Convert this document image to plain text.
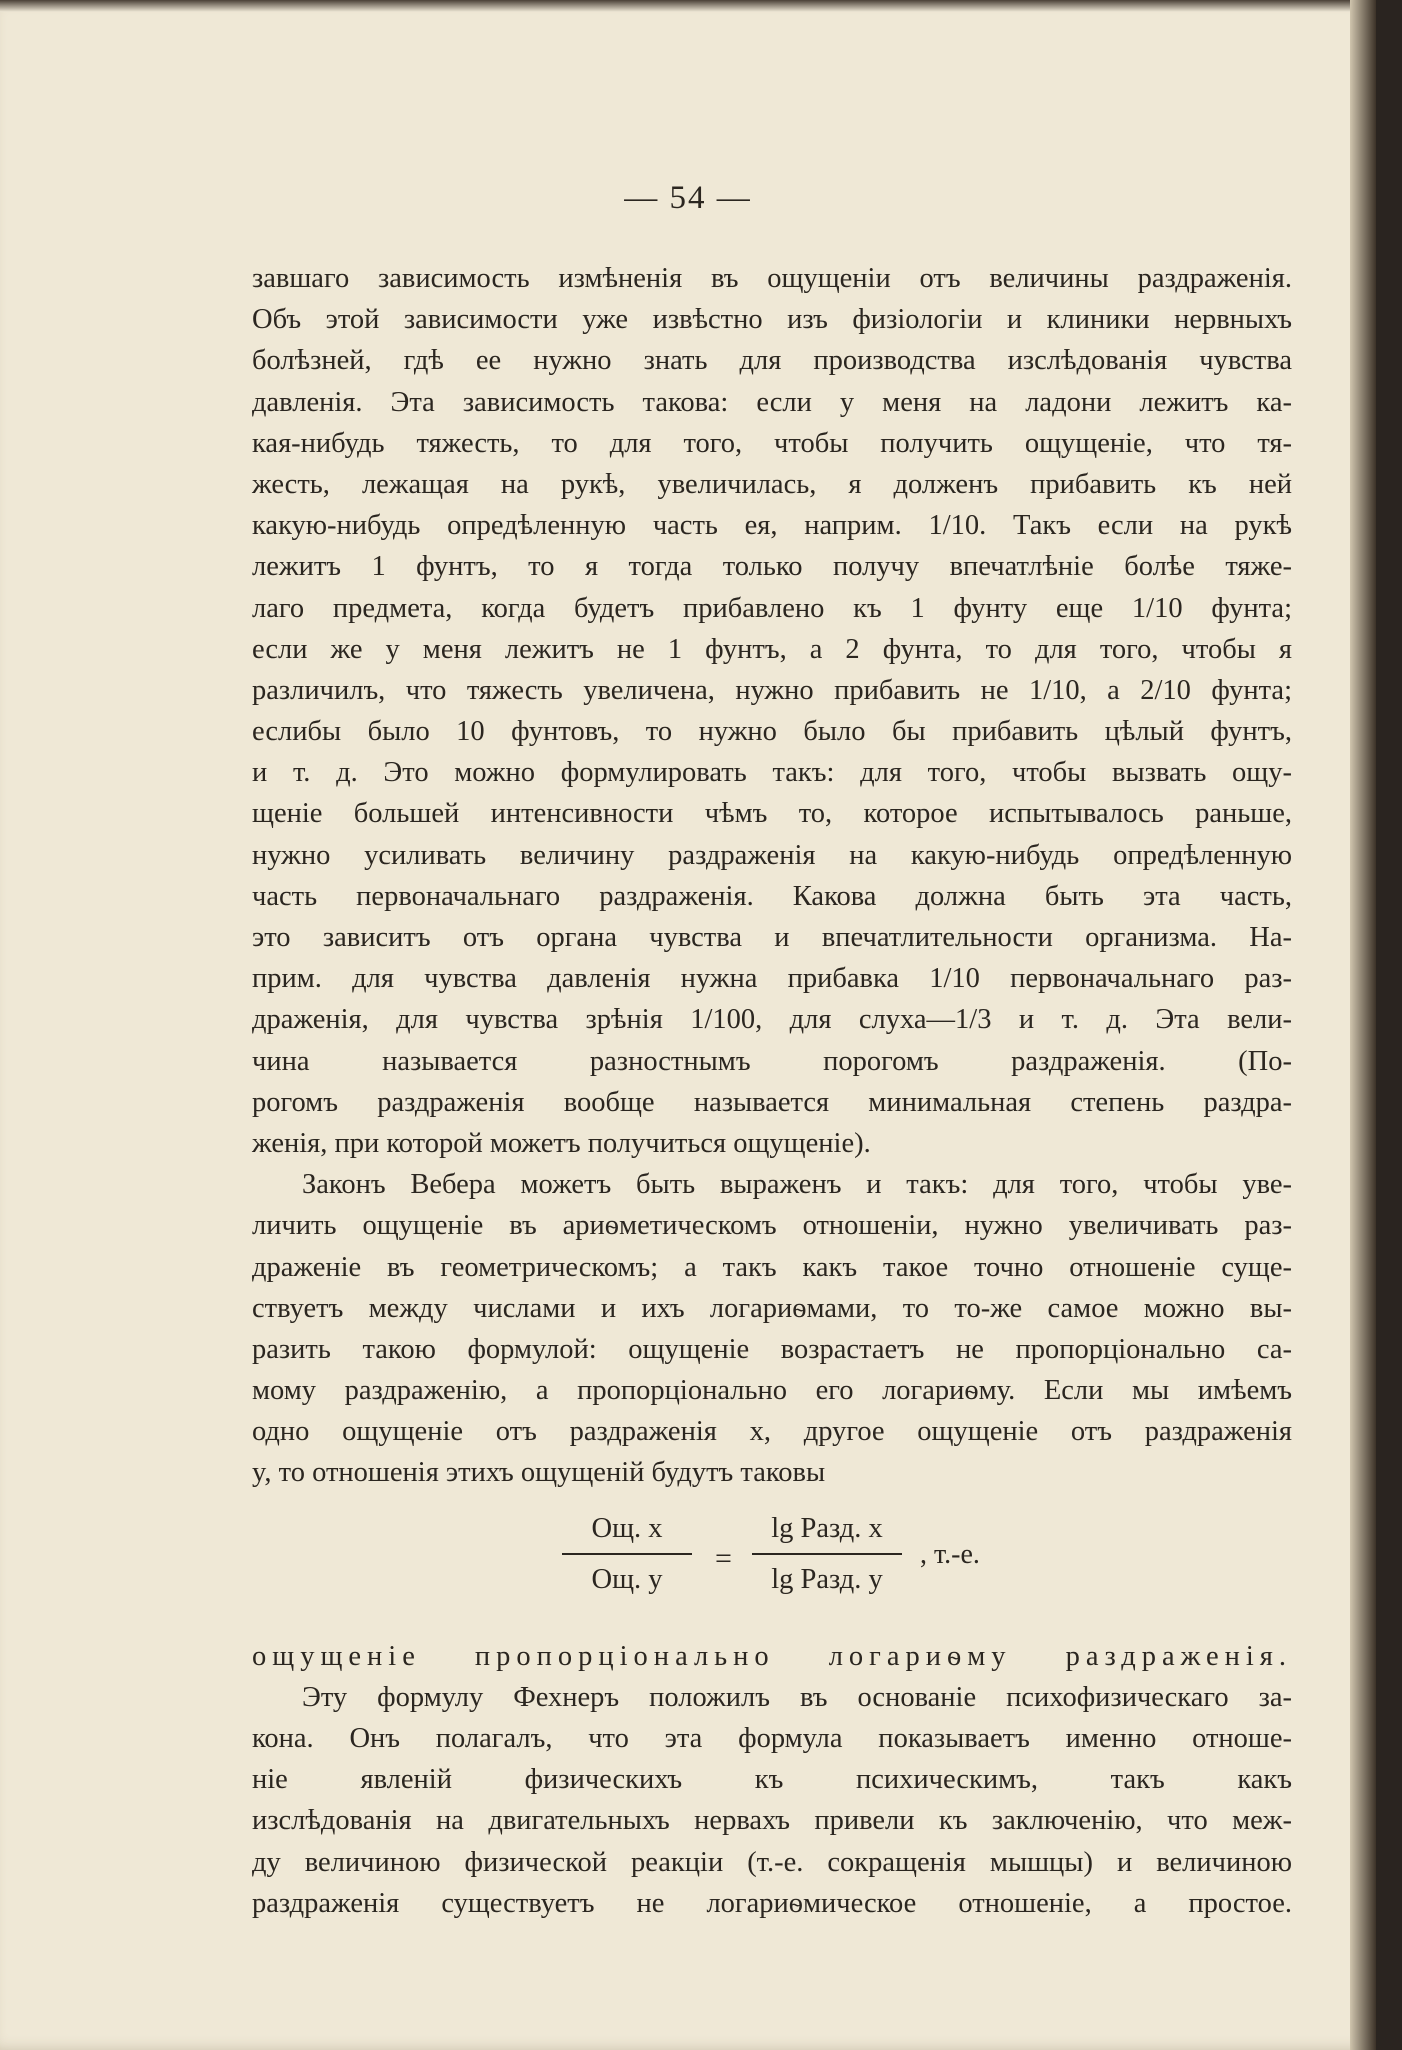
— 54 —
завшаго зависимость измѣненія въ ощущеніи отъ величины раздраженія.
Объ этой зависимости уже извѣстно изъ физіологіи и клиники нервныхъ
болѣзней, гдѣ ее нужно знать для производства изслѣдованія чувства
давленія. Эта зависимость такова: если у меня на ладони лежитъ ка-
кая-нибудь тяжесть, то для того, чтобы получить ощущеніе, что тя-
жесть, лежащая на рукѣ, увеличилась, я долженъ прибавить къ ней
какую-нибудь опредѣленную часть ея, наприм. 1/10. Такъ если на рукѣ
лежитъ 1 фунтъ, то я тогда только получу впечатлѣніе болѣе тяже-
лаго предмета, когда будетъ прибавлено къ 1 фунту еще 1/10 фунта;
если же у меня лежитъ не 1 фунтъ, а 2 фунта, то для того, чтобы я
различилъ, что тяжесть увеличена, нужно прибавить не 1/10, а 2/10 фунта;
еслибы было 10 фунтовъ, то нужно было бы прибавить цѣлый фунтъ,
и т. д. Это можно формулировать такъ: для того, чтобы вызвать ощу-
щеніе большей интенсивности чѣмъ то, которое испытывалось раньше,
нужно усиливать величину раздраженія на какую-нибудь опредѣленную
часть первоначальнаго раздраженія. Какова должна быть эта часть,
это зависитъ отъ органа чувства и впечатлительности организма. На-
прим. для чувства давленія нужна прибавка 1/10 первоначальнаго раз-
драженія, для чувства зрѣнія 1/100, для слуха—1/3 и т. д. Эта вели-
чина называется разностнымъ порогомъ раздраженія. (По-
рогомъ раздраженія вообще называется минимальная степень раздра-
женія, при которой можетъ получиться ощущеніе).
Законъ Вебера можетъ быть выраженъ и такъ: для того, чтобы уве-
личить ощущеніе въ ариѳметическомъ отношеніи, нужно увеличивать раз-
драженіе въ геометрическомъ; а такъ какъ такое точно отношеніе суще-
ствуетъ между числами и ихъ логариѳмами, то то-же самое можно вы-
разить такою формулой: ощущеніе возрастаетъ не пропорціонально са-
мому раздраженію, а пропорціонально его логариѳму. Если мы имѣемъ
одно ощущеніе отъ раздраженія x, другое ощущеніе отъ раздраженія
y, то отношенія этихъ ощущеній будутъ таковы
Ощ. x
Ощ. y
=
lg Разд. x
lg Разд. y
, т.-е.
ощущеніе пропорціонально логариѳму раздраженія.
Эту формулу Фехнеръ положилъ въ основаніе психофизическаго за-
кона. Онъ полагалъ, что эта формула показываетъ именно отноше-
ніе явленій физическихъ къ психическимъ, такъ какъ
изслѣдованія на двигательныхъ нервахъ привели къ заключенію, что меж-
ду величиною физической реакціи (т.-е. сокращенія мышцы) и величиною
раздраженія существуетъ не логариѳмическое отношеніе, а простое.
